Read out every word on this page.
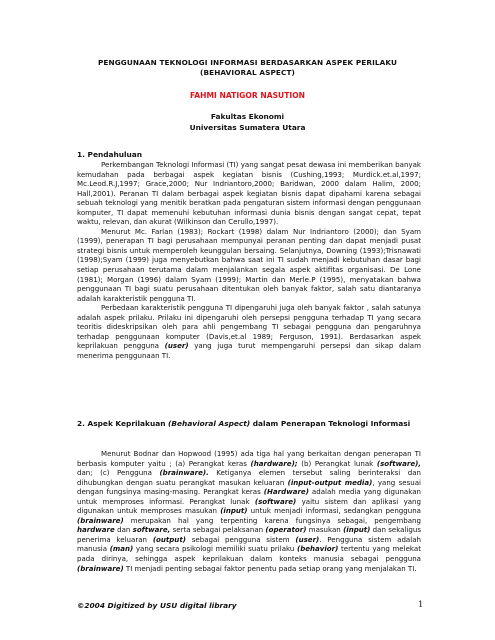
PENGGUNAAN TEKNOLOGI INFORMASI BERDASARKAN ASPEK PERILAKU
(BEHAVIORAL ASPECT)
FAHMI NATIGOR NASUTION
Fakultas Ekonomi
Universitas Sumatera Utara
1. Pendahuluan

Perkembangan Teknologi Informasi (TI) yang sangat pesat dewasa ini memberikan banyak kemudahan pada berbagai aspek kegiatan bisnis (Cushing,1993; Murdick.et.al,1997; Mc.Leod.R.J,1997; Grace,2000; Nur Indriantoro,2000; Baridwan, 2000 dalam Halim, 2000; Hall,2001). Peranan TI dalam berbagai aspek kegiatan bisnis dapat dipahami karena sebagai sebuah teknologi yang menitik beratkan pada pengaturan sistem informasi dengan penggunaan komputer, TI dapat memenuhi kebutuhan informasi dunia bisnis dengan sangat cepat, tepat waktu, relevan, dan akurat (Wilkinson dan Cerullo,1997).

Menurut Mc. Farlan (1983); Rockart (1998) dalam Nur Indriantoro (2000); dan Syam (1999), penerapan TI bagi perusahaan mempunyai peranan penting dan dapat menjadi pusat strategi bisnis untuk memperoleh keunggulan bersaing. Selanjutnya, Downing (1993);Trisnawati (1998);Syam (1999) juga menyebutkan bahwa saat ini TI sudah menjadi kebutuhan dasar bagi setiap perusahaan terutama dalam menjalankan segala aspek aktifitas organisasi. De Lone (1981); Morgan (1996) dalam Syam (1999); Martin dan Merle.P (1995), menyatakan bahwa penggunaan TI bagi suatu perusahaan ditentukan oleh banyak faktor, salah satu diantaranya adalah karakteristik pengguna TI.

Perbedaan karakteristik pengguna TI dipengaruhi juga oleh banyak faktor , salah satunya adalah aspek prilaku. Prilaku ini dipengaruhi oleh persepsi pengguna terhadap TI yang secara teoritis dideskripsikan oleh para ahli pengembang TI sebagai pengguna dan pengaruhnya terhadap penggunaan komputer (Davis,et.al 1989; Ferguson, 1991). Berdasarkan aspek keprilakuan pengguna (user) yang juga turut mempengaruhi persepsi dan sikap dalam menerima penggunaan TI.

2. Aspek Keprilakuan (Behavioral Aspect) dalam Penerapan Teknologi Informasi

Menurut Bodnar dan Hopwood (1995) ada tiga hal yang berkaitan dengan penerapan TI berbasis komputer yaitu ; (a) Perangkat keras (hardware); (b) Perangkat lunak (software), dan; (c) Pengguna (brainware). Ketiganya elemen tersebut saling berinteraksi dan dihubungkan dengan suatu perangkat masukan keluaran (input-output media), yang sesuai dengan fungsinya masing-masing. Perangkat keras (Hardware) adalah media yang digunakan untuk memproses informasi. Perangkat lunak (software) yaitu sistem dan aplikasi yang digunakan untuk memproses masukan (input) untuk menjadi informasi, sedangkan pengguna (brainware) merupakan hal yang terpenting karena fungsinya sebagai, pengembang hardware dan software, serta sebagai pelaksanan (operator) masukan (input) dan sekaligus penerima keluaran (output) sebagai pengguna sistem (user). Pengguna sistem adalah manusia (man) yang secara psikologi memiliki suatu prilaku (behavior) tertentu yang melekat pada dirinya, sehingga aspek keprilakuan dalam konteks manusia sebagai pengguna (brainware) TI menjadi penting sebagai faktor penentu pada setiap orang yang menjalakan TI.

©2004 Digitized by USU digital library	1
